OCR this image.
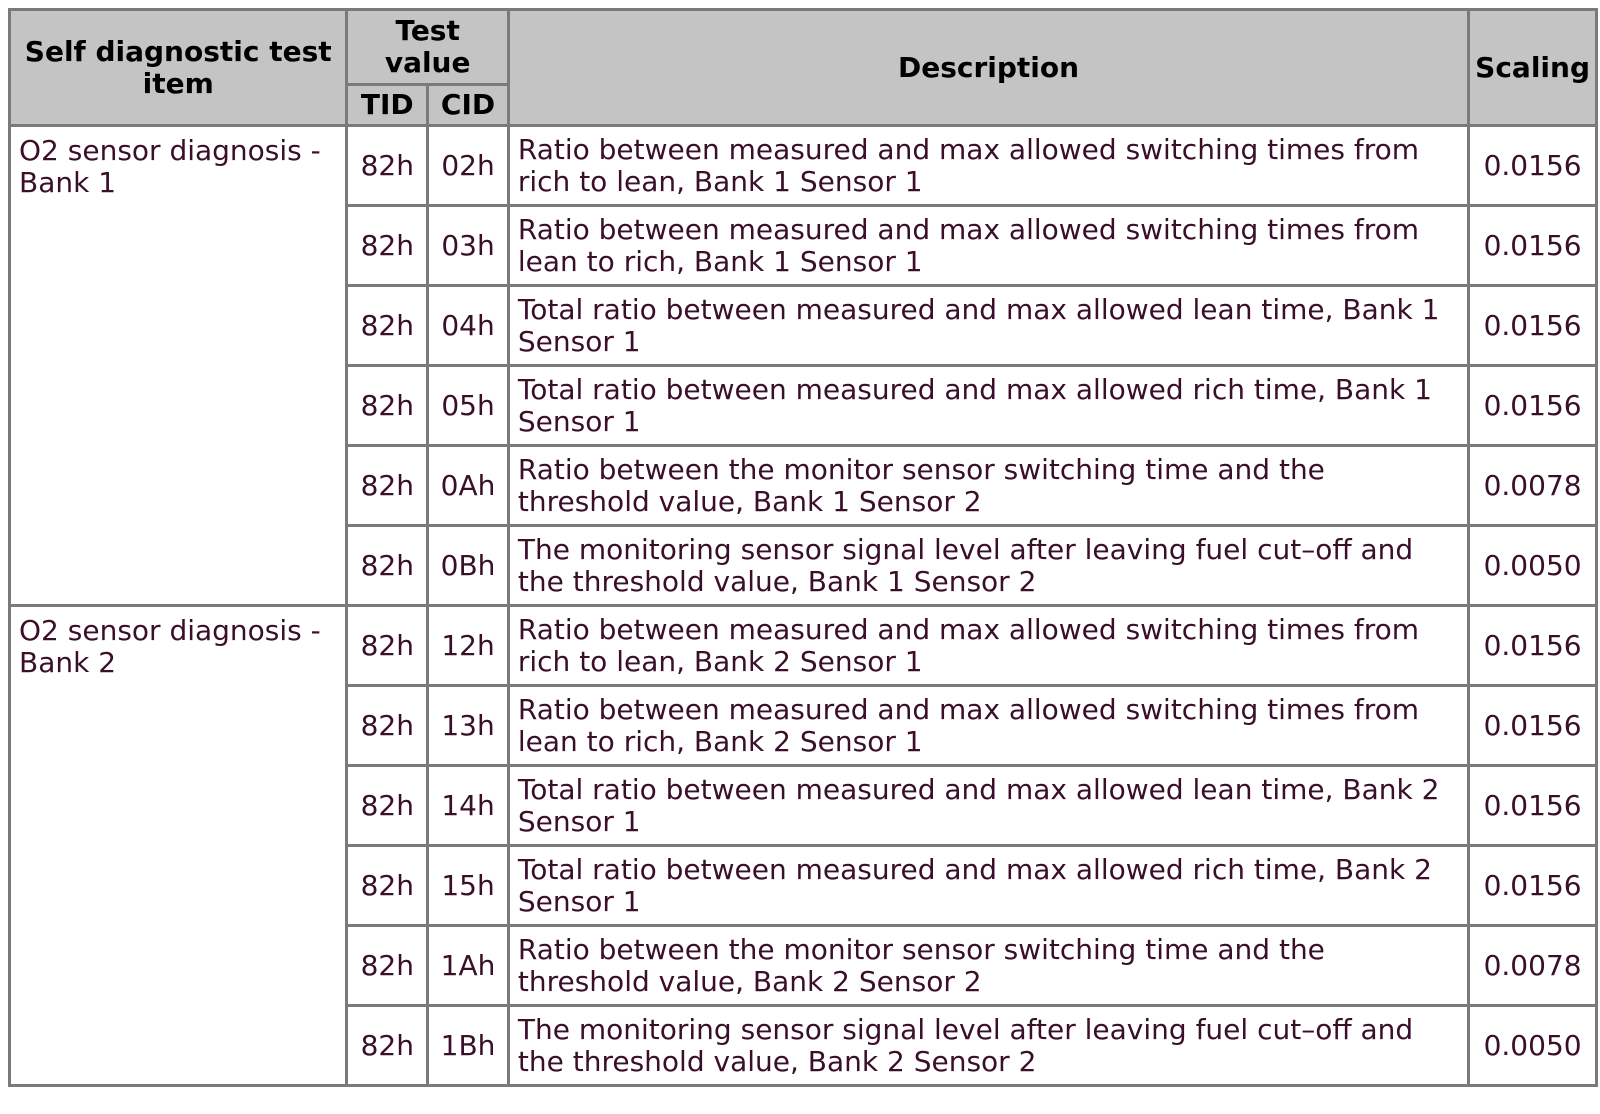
Self diagnostic test item	Test value		Description	Scaling
	TID	CID		
O2 sensor diagnosis - Bank 1	82h	02h	Ratio between measured and max allowed switching times from rich to lean, Bank 1 Sensor 1	0.0156
	82h	03h	Ratio between measured and max allowed switching times from lean to rich, Bank 1 Sensor 1	0.0156
	82h	04h	Total ratio between measured and max allowed lean time, Bank 1 Sensor 1	0.0156
	82h	05h	Total ratio between measured and max allowed rich time, Bank 1 Sensor 1	0.0156
	82h	0Ah	Ratio between the monitor sensor switching time and the threshold value, Bank 1 Sensor 2	0.0078
	82h	0Bh	The monitoring sensor signal level after leaving fuel cut–off and the threshold value, Bank 1 Sensor 2	0.0050
O2 sensor diagnosis - Bank 2	82h	12h	Ratio between measured and max allowed switching times from rich to lean, Bank 2 Sensor 1	0.0156
	82h	13h	Ratio between measured and max allowed switching times from lean to rich, Bank 2 Sensor 1	0.0156
	82h	14h	Total ratio between measured and max allowed lean time, Bank 2 Sensor 1	0.0156
	82h	15h	Total ratio between measured and max allowed rich time, Bank 2 Sensor 1	0.0156
	82h	1Ah	Ratio between the monitor sensor switching time and the threshold value, Bank 2 Sensor 2	0.0078
	82h	1Bh	The monitoring sensor signal level after leaving fuel cut–off and the threshold value, Bank 2 Sensor 2	0.0050
